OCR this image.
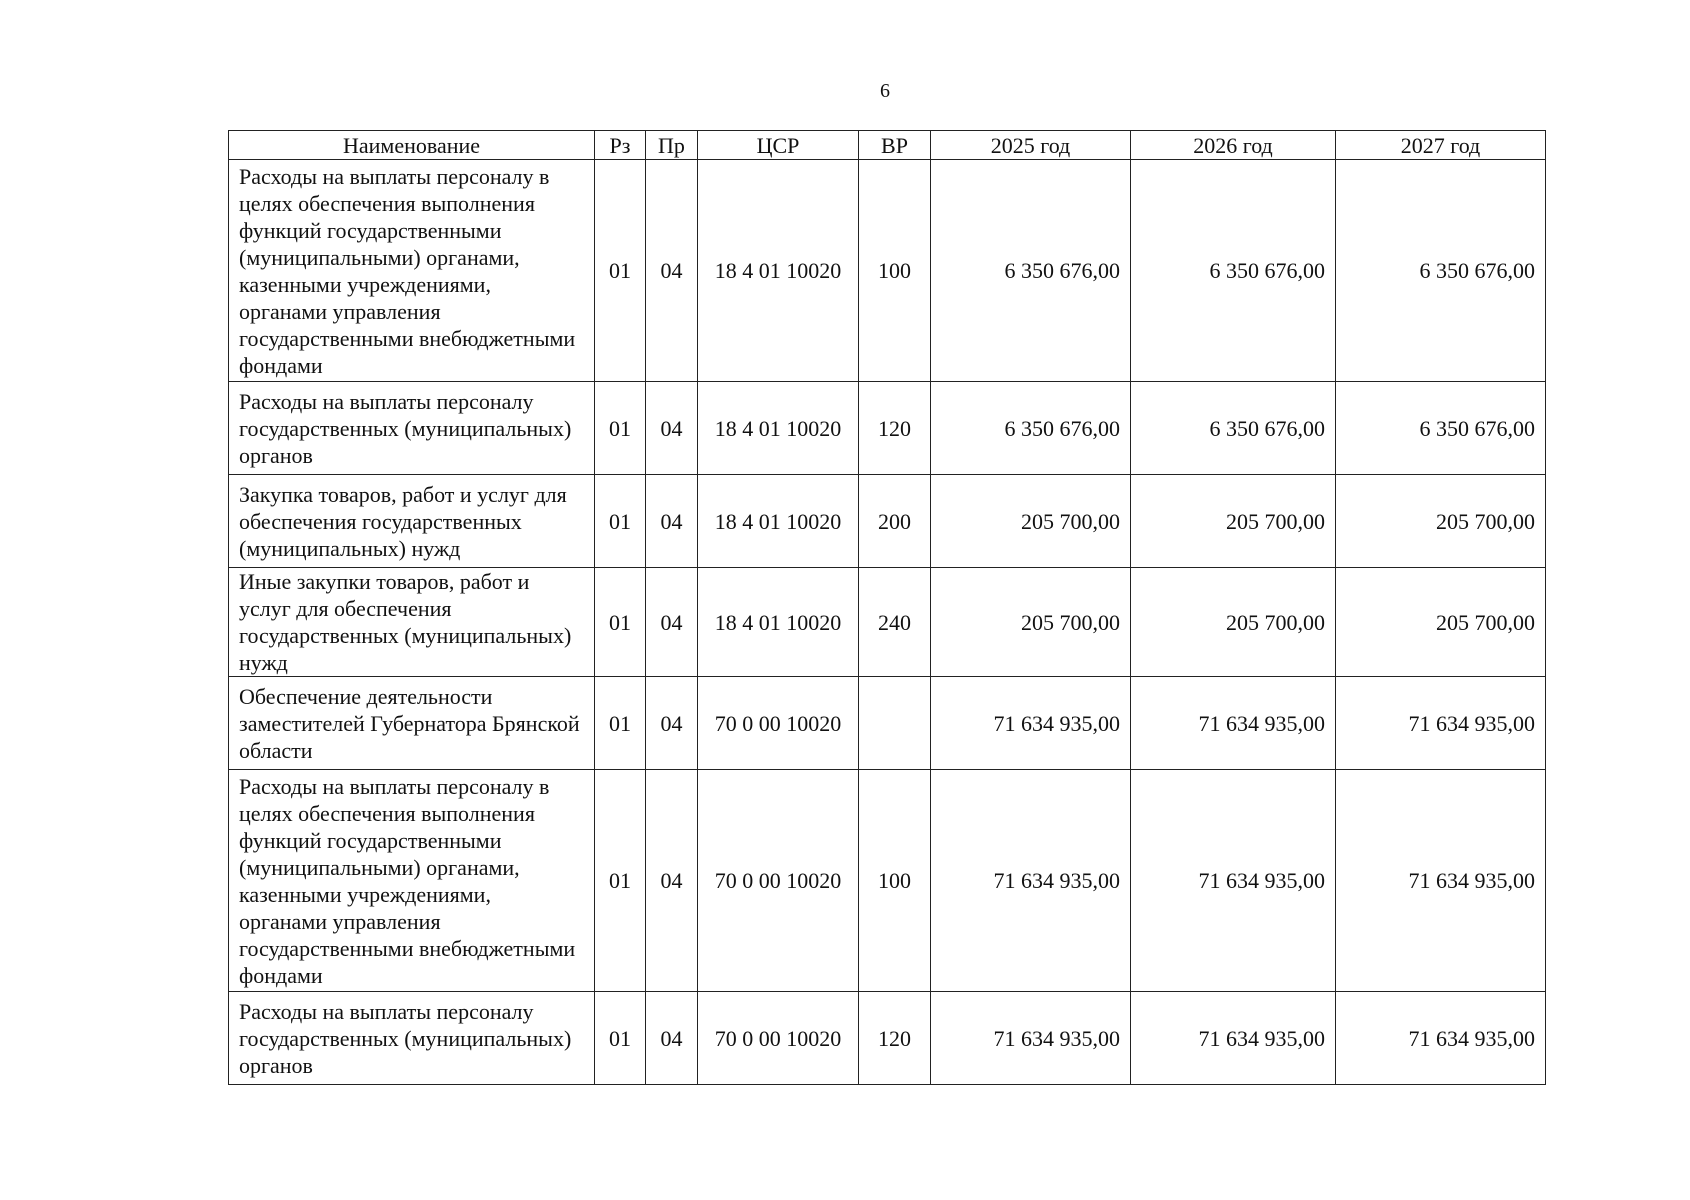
6
Наименование	Рз	Пр	ЦСР	ВР	2025 год	2026 год	2027 год
Расходы на выплаты персоналу в целях обеспечения выполнения функций государственными (муниципальными) органами, казенными учреждениями, органами управления государственными внебюджетными фондами	01	04	18 4 01 10020	100	6 350 676,00	6 350 676,00	6 350 676,00
Расходы на выплаты персоналу государственных (муниципальных) органов	01	04	18 4 01 10020	120	6 350 676,00	6 350 676,00	6 350 676,00
Закупка товаров, работ и услуг для обеспечения государственных (муниципальных) нужд	01	04	18 4 01 10020	200	205 700,00	205 700,00	205 700,00
Иные закупки товаров, работ и услуг для обеспечения государственных (муниципальных) нужд	01	04	18 4 01 10020	240	205 700,00	205 700,00	205 700,00
Обеспечение деятельности заместителей Губернатора Брянской области	01	04	70 0 00 10020		71 634 935,00	71 634 935,00	71 634 935,00
Расходы на выплаты персоналу в целях обеспечения выполнения функций государственными (муниципальными) органами, казенными учреждениями, органами управления государственными внебюджетными фондами	01	04	70 0 00 10020	100	71 634 935,00	71 634 935,00	71 634 935,00
Расходы на выплаты персоналу государственных (муниципальных) органов	01	04	70 0 00 10020	120	71 634 935,00	71 634 935,00	71 634 935,00
